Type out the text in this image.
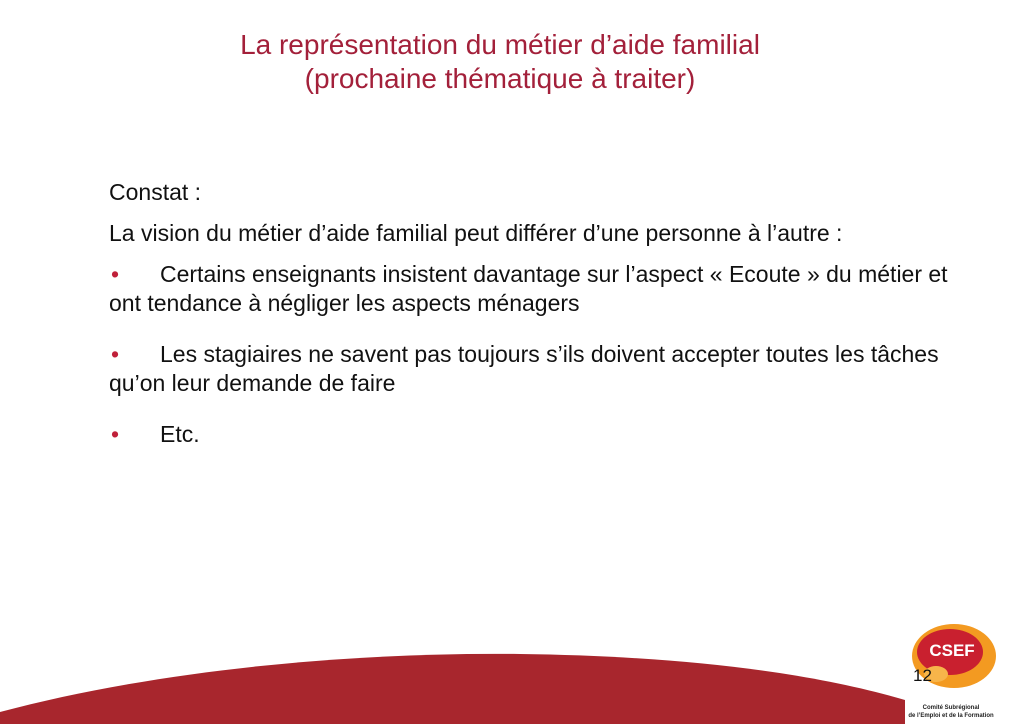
La représentation du métier d’aide familial
(prochaine thématique à traiter)

Constat :

La vision du métier d’aide familial peut différer d’une personne à l’autre :

• Certains enseignants insistent davantage sur l’aspect « Ecoute » du métier et ont tendance à négliger les aspects ménagers

• Les stagiaires ne savent pas toujours s’ils doivent accepter toutes les tâches qu’on leur demande de faire

• Etc.

CSEF
Comité Subrégional
de l’Emploi et de la Formation
12
